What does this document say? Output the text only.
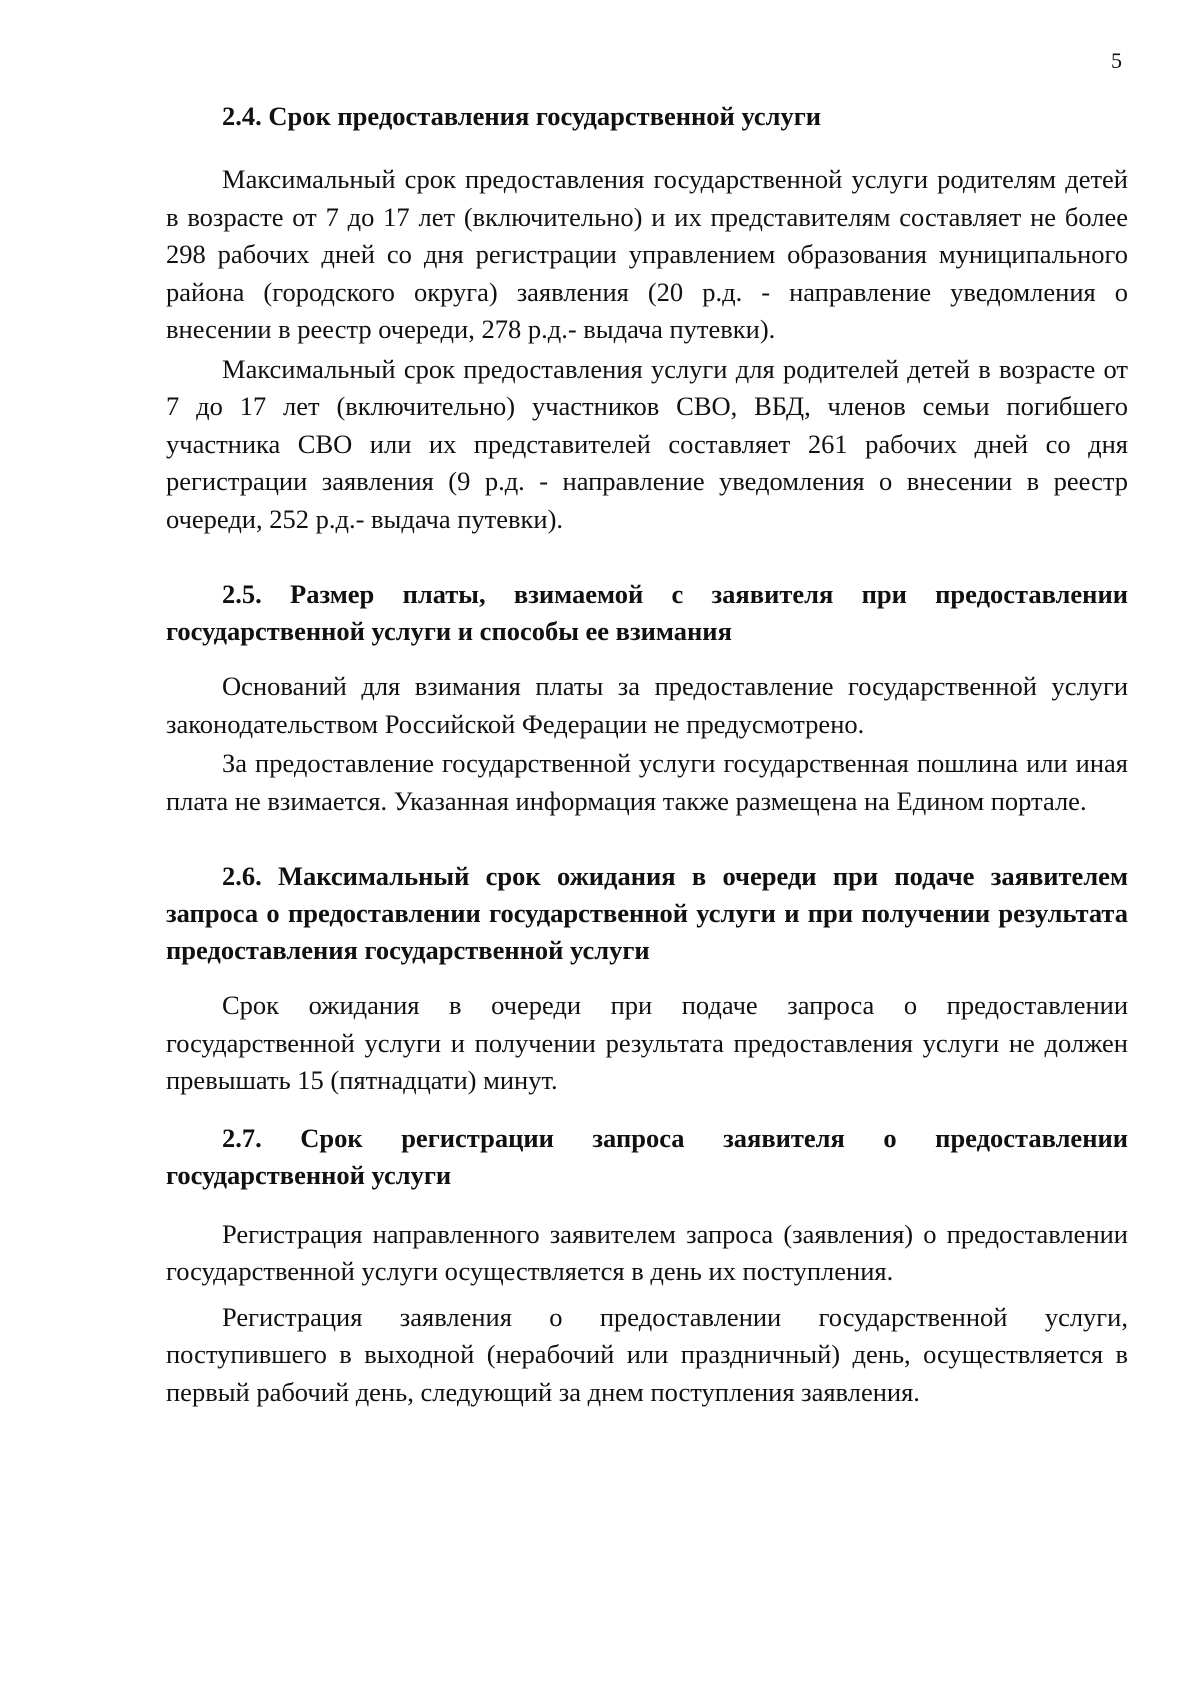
5
2.4. Срок предоставления государственной услуги

Максимальный срок предоставления государственной услуги родителям детей в возрасте от 7 до 17 лет (включительно) и их представителям составляет не более 298 рабочих дней со дня регистрации управлением образования муниципального района (городского округа) заявления (20 р.д. - направление уведомления о внесении в реестр очереди, 278 р.д.- выдача путевки).

Максимальный срок предоставления услуги для родителей детей в возрасте от 7 до 17 лет (включительно) участников СВО, ВБД, членов семьи погибшего участника СВО или их представителей составляет 261 рабочих дней со дня регистрации заявления (9 р.д. - направление уведомления о внесении в реестр очереди, 252 р.д.- выдача путевки).

2.5. Размер платы, взимаемой с заявителя при предоставлении государственной услуги и способы ее взимания

Оснований для взимания платы за предоставление государственной услуги законодательством Российской Федерации не предусмотрено.

За предоставление государственной услуги государственная пошлина или иная плата не взимается. Указанная информация также размещена на Едином портале.

2.6. Максимальный срок ожидания в очереди при подаче заявителем запроса о предоставлении государственной услуги и при получении результата предоставления государственной услуги

Срок ожидания в очереди при подаче запроса о предоставлении государственной услуги и получении результата предоставления услуги не должен превышать 15 (пятнадцати) минут.

2.7. Срок регистрации запроса заявителя о предоставлении государственной услуги

Регистрация направленного заявителем запроса (заявления) о предоставлении государственной услуги осуществляется в день их поступления.

Регистрация заявления о предоставлении государственной услуги, поступившего в выходной (нерабочий или праздничный) день, осуществляется в первый рабочий день, следующий за днем поступления заявления.
